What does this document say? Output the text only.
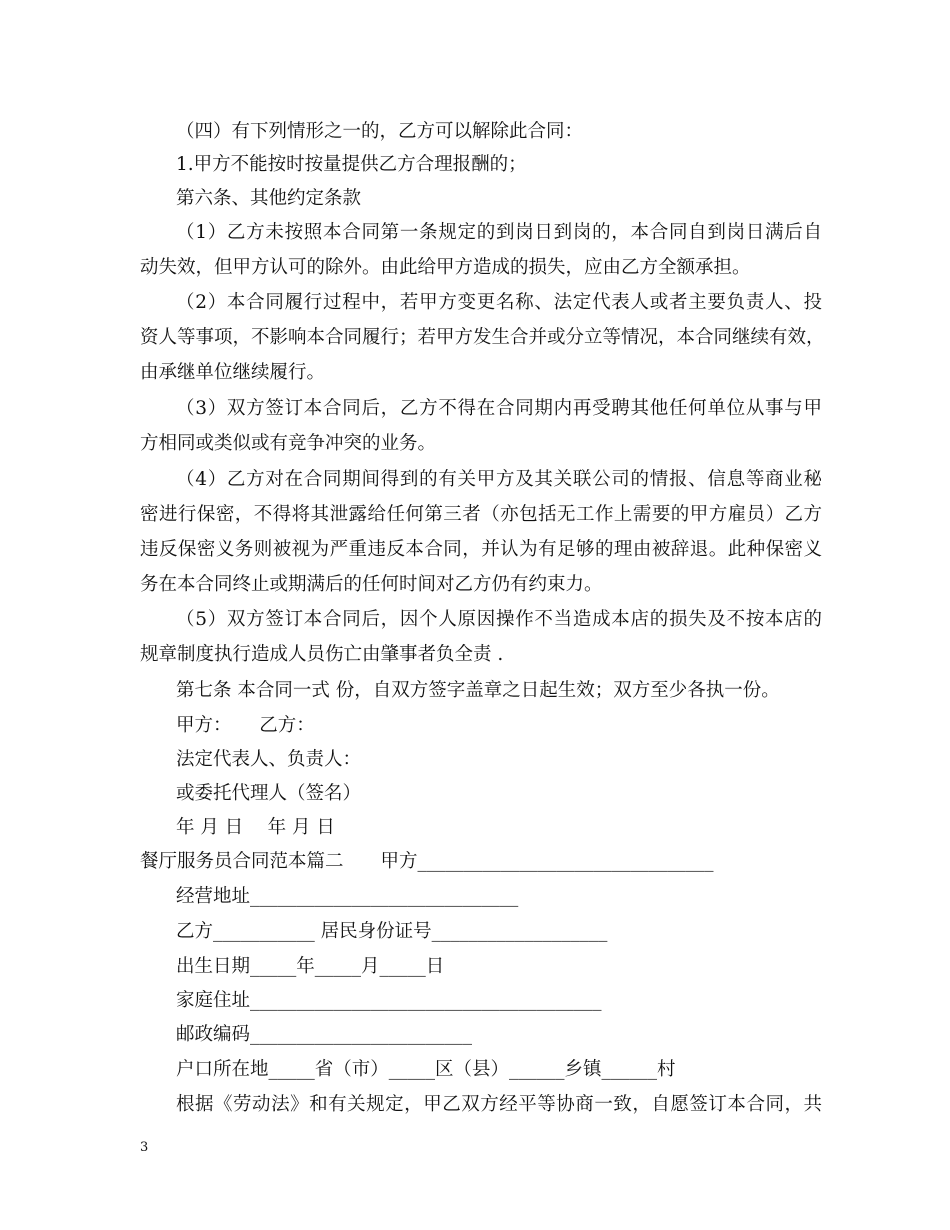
（四）有下列情形之一的，乙方可以解除此合同：
1.甲方不能按时按量提供乙方合理报酬的；
第六条、其他约定条款
（1）乙方未按照本合同第一条规定的到岗日到岗的，本合同自到岗日满后自
动失效，但甲方认可的除外。由此给甲方造成的损失，应由乙方全额承担。
（2）本合同履行过程中，若甲方变更名称、法定代表人或者主要负责人、投
资人等事项，不影响本合同履行；若甲方发生合并或分立等情况，本合同继续有效，
由承继单位继续履行。
（3）双方签订本合同后，乙方不得在合同期内再受聘其他任何单位从事与甲
方相同或类似或有竞争冲突的业务。
（4）乙方对在合同期间得到的有关甲方及其关联公司的情报、信息等商业秘
密进行保密，不得将其泄露给任何第三者（亦包括无工作上需要的甲方雇员）乙方
违反保密义务则被视为严重违反本合同，并认为有足够的理由被辞退。此种保密义
务在本合同终止或期满后的任何时间对乙方仍有约束力。
（5）双方签订本合同后，因个人原因操作不当造成本店的损失及不按本店的
规章制度执行造成人员伤亡由肇事者负全责 .
第七条 本合同一式 份，自双方签字盖章之日起生效；双方至少各执一份。
甲方：　　乙方：
法定代表人、负责人：
或委托代理人（签名）
年 月 日　 年 月 日
餐厅服务员合同范本篇二　　甲方________________________________
经营地址_____________________________
乙方___________ 居民身份证号___________________
出生日期_____年_____月_____日
家庭住址______________________________________
邮政编码________________________
户口所在地_____省（市）_____区（县）______乡镇______村
根据《劳动法》和有关规定，甲乙双方经平等协商一致，自愿签订本合同，共
3
